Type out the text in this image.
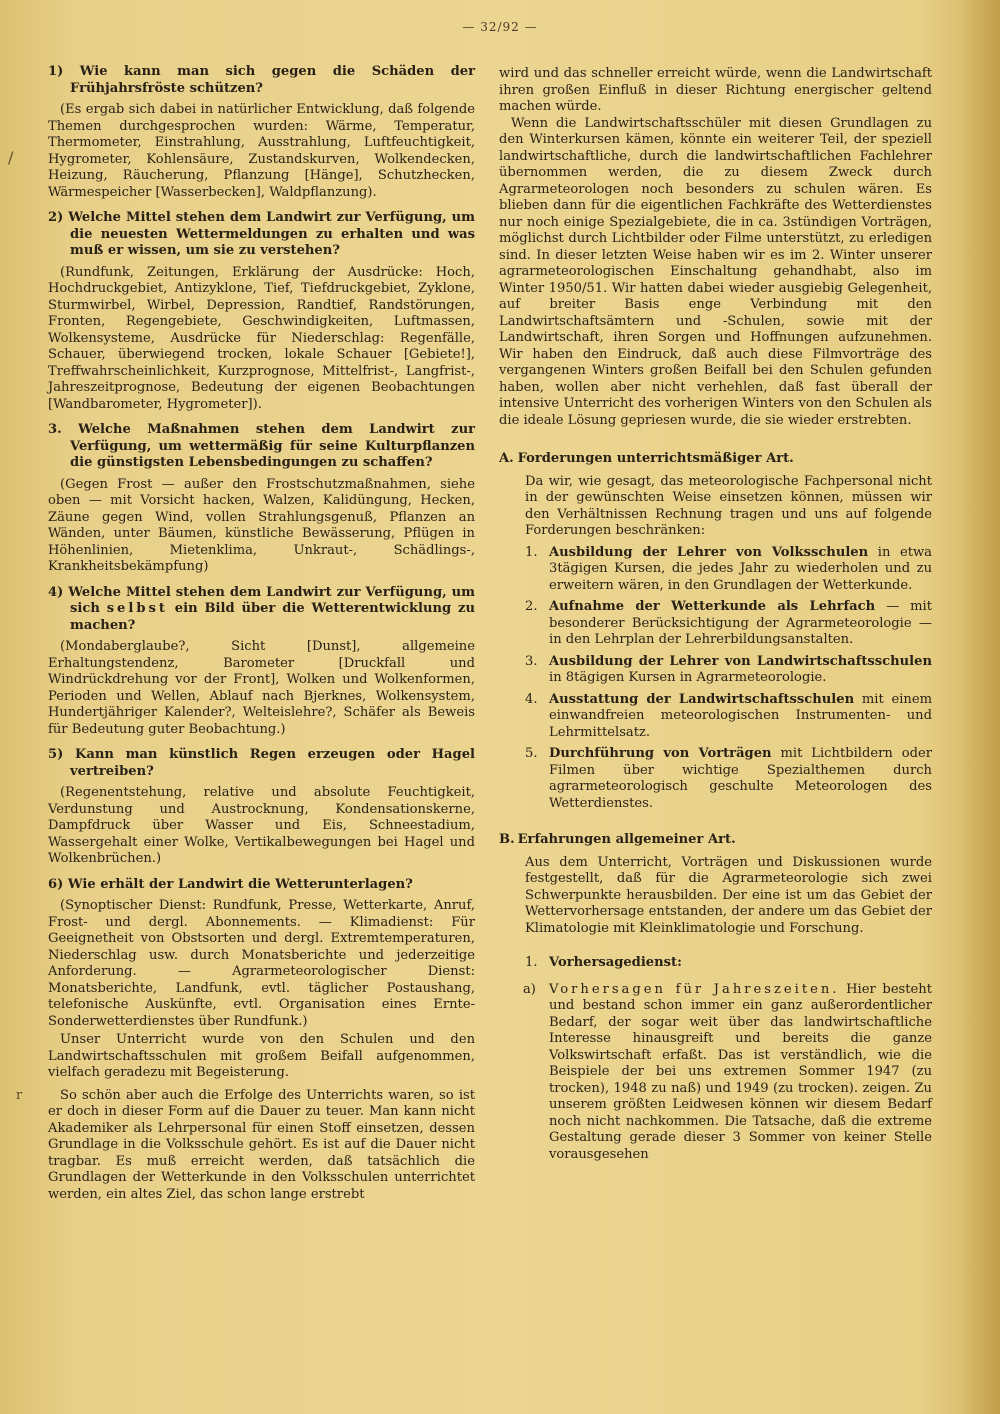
— 32/92 —
/
r

1) Wie kann man sich gegen die Schäden der Frühjahrsfröste schützen?

(Es ergab sich dabei in natürlicher Entwicklung, daß folgende Themen durchgesprochen wurden: Wärme, Temperatur, Thermometer, Einstrahlung, Ausstrahlung, Luftfeuchtigkeit, Hygrometer, Kohlensäure, Zustandskurven, Wolkendecken, Heizung, Räucherung, Pflanzung [Hänge], Schutzhecken, Wärmespeicher [Wasserbecken], Waldpflanzung).

2) Welche Mittel stehen dem Landwirt zur Verfügung, um die neuesten Wettermeldungen zu erhalten und was muß er wissen, um sie zu verstehen?

(Rundfunk, Zeitungen, Erklärung der Ausdrücke: Hoch, Hochdruckgebiet, Antizyklone, Tief, Tiefdruckgebiet, Zyklone, Sturmwirbel, Wirbel, Depression, Randtief, Randstörungen, Fronten, Regengebiete, Geschwindigkeiten, Luftmassen, Wolkensysteme, Ausdrücke für Niederschlag: Regenfälle, Schauer, überwiegend trocken, lokale Schauer [Gebiete!], Treffwahrscheinlichkeit, Kurzprognose, Mittelfrist-, Langfrist-, Jahreszeitprognose, Bedeutung der eigenen Beobachtungen [Wandbarometer, Hygrometer]).

3. Welche Maßnahmen stehen dem Landwirt zur Verfügung, um wettermäßig für seine Kulturpflanzen die günstigsten Lebensbedingungen zu schaffen?

(Gegen Frost — außer den Frostschutzmaßnahmen, siehe oben — mit Vorsicht hacken, Walzen, Kalidüngung, Hecken, Zäune gegen Wind, vollen Strahlungsgenuß, Pflanzen an Wänden, unter Bäumen, künstliche Bewässerung, Pflügen in Höhenlinien, Mietenklima, Unkraut-, Schädlings-, Krankheitsbekämpfung)

4) Welche Mittel stehen dem Landwirt zur Verfügung, um sich selbst ein Bild über die Wetterentwicklung zu machen?

(Mondaberglaube?, Sicht [Dunst], allgemeine Erhaltungstendenz, Barometer [Druckfall und Windrückdrehung vor der Front], Wolken und Wolkenformen, Perioden und Wellen, Ablauf nach Bjerknes, Wolkensystem, Hundertjähriger Kalender?, Welteislehre?, Schäfer als Beweis für Bedeutung guter Beobachtung.)

5) Kann man künstlich Regen erzeugen oder Hagel vertreiben?

(Regenentstehung, relative und absolute Feuchtigkeit, Verdunstung und Austrocknung, Kondensationskerne, Dampfdruck über Wasser und Eis, Schneestadium, Wassergehalt einer Wolke, Vertikalbewegungen bei Hagel und Wolkenbrüchen.)

6) Wie erhält der Landwirt die Wetterunterlagen?

(Synoptischer Dienst: Rundfunk, Presse, Wetterkarte, Anruf, Frost- und dergl. Abonnements. — Klimadienst: Für Geeignetheit von Obstsorten und dergl. Extremtemperaturen, Niederschlag usw. durch Monatsberichte und jederzeitige Anforderung. — Agrarmeteorologischer Dienst: Monatsberichte, Landfunk, evtl. täglicher Postaushang, telefonische Auskünfte, evtl. Organisation eines Ernte-Sonderwetterdienstes über Rundfunk.)

Unser Unterricht wurde von den Schulen und den Landwirtschaftsschulen mit großem Beifall aufgenommen, vielfach geradezu mit Begeisterung.

So schön aber auch die Erfolge des Unterrichts waren, so ist er doch in dieser Form auf die Dauer zu teuer. Man kann nicht Akademiker als Lehrpersonal für einen Stoff einsetzen, dessen Grundlage in die Volksschule gehört. Es ist auf die Dauer nicht tragbar. Es muß erreicht werden, daß tatsächlich die Grundlagen der Wetterkunde in den Volksschulen unterrichtet werden, ein altes Ziel, das schon lange erstrebt

wird und das schneller erreicht würde, wenn die Landwirtschaft ihren großen Einfluß in dieser Richtung energischer geltend machen würde.

Wenn die Landwirtschaftsschüler mit diesen Grundlagen zu den Winterkursen kämen, könnte ein weiterer Teil, der speziell landwirtschaftliche, durch die landwirtschaftlichen Fachlehrer übernommen werden, die zu diesem Zweck durch Agrarmeteorologen noch besonders zu schulen wären. Es blieben dann für die eigentlichen Fachkräfte des Wetterdienstes nur noch einige Spezialgebiete, die in ca. 3stündigen Vorträgen, möglichst durch Lichtbilder oder Filme unterstützt, zu erledigen sind. In dieser letzten Weise haben wir es im 2. Winter unserer agrarmeteorologischen Einschaltung gehandhabt, also im Winter 1950/51. Wir hatten dabei wieder ausgiebig Gelegenheit, auf breiter Basis enge Verbindung mit den Landwirtschaftsämtern und -Schulen, sowie mit der Landwirtschaft, ihren Sorgen und Hoffnungen aufzunehmen. Wir haben den Eindruck, daß auch diese Filmvorträge des vergangenen Winters großen Beifall bei den Schulen gefunden haben, wollen aber nicht verhehlen, daß fast überall der intensive Unterricht des vorherigen Winters von den Schulen als die ideale Lösung gepriesen wurde, die sie wieder erstrebten.

A. Forderungen unterrichtsmäßiger Art.

Da wir, wie gesagt, das meteorologische Fachpersonal nicht in der gewünschten Weise einsetzen können, müssen wir den Verhältnissen Rechnung tragen und uns auf folgende Forderungen beschränken:

1. Ausbildung der Lehrer von Volksschulen in etwa 3tägigen Kursen, die jedes Jahr zu wiederholen und zu erweitern wären, in den Grundlagen der Wetterkunde.
2. Aufnahme der Wetterkunde als Lehrfach — mit besonderer Berücksichtigung der Agrarmeteorologie — in den Lehrplan der Lehrerbildungsanstalten.
3. Ausbildung der Lehrer von Landwirtschaftsschulen in 8tägigen Kursen in Agrarmeteorologie.
4. Ausstattung der Landwirtschaftsschulen mit einem einwandfreien meteorologischen Instrumenten- und Lehrmittelsatz.
5. Durchführung von Vorträgen mit Lichtbildern oder Filmen über wichtige Spezialthemen durch agrarmeteorologisch geschulte Meteorologen des Wetterdienstes.

B. Erfahrungen allgemeiner Art.

Aus dem Unterricht, Vorträgen und Diskussionen wurde festgestellt, daß für die Agrarmeteorologie sich zwei Schwerpunkte herausbilden. Der eine ist um das Gebiet der Wettervorhersage entstanden, der andere um das Gebiet der Klimatologie mit Kleinklimatologie und Forschung.

1. Vorhersagedienst:

a) Vorhersagen für Jahreszeiten. Hier besteht und bestand schon immer ein ganz außerordentlicher Bedarf, der sogar weit über das landwirtschaftliche Interesse hinausgreift und bereits die ganze Volkswirtschaft erfaßt. Das ist verständlich, wie die Beispiele der bei uns extremen Sommer 1947 (zu trocken), 1948 zu naß) und 1949 (zu trocken). zeigen. Zu unserem größten Leidwesen können wir diesem Bedarf noch nicht nachkommen. Die Tatsache, daß die extreme Gestaltung gerade dieser 3 Sommer von keiner Stelle vorausgesehen
